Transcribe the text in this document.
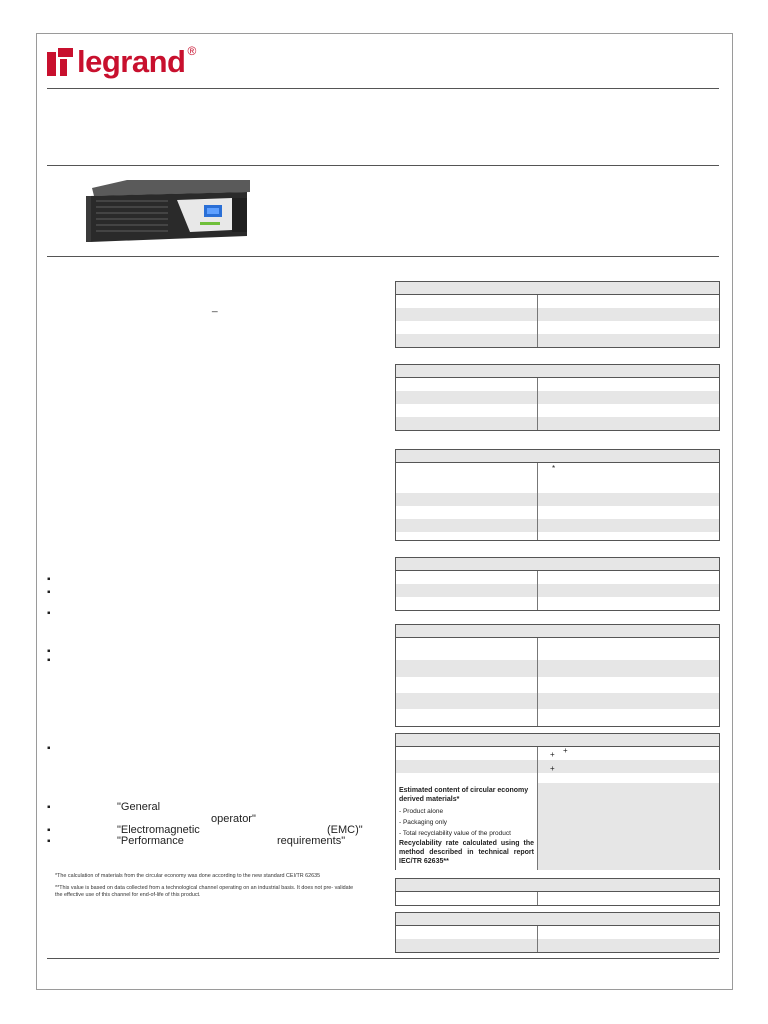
legrand ®
_
▪
▪
▪
▪
▪
▪
▪
▪
▪
"General
operator"
"Electromagnetic	(EMC)"
"Performance	requirements"
*The calculation of materials from the circular economy was done according to the new standard CEI/TR 62635
**This value is based on data collected from a technological channel operating on an industrial basis. It does not pre- validate the effective use of this channel for end-of-life of this product.
*
Estimated content of circular economy derived materials*
- Product alone
- Packaging only
- Total recyclability value of the product
Recyclability rate calculated using the method described in technical report IEC/TR 62635**
+ +
+
